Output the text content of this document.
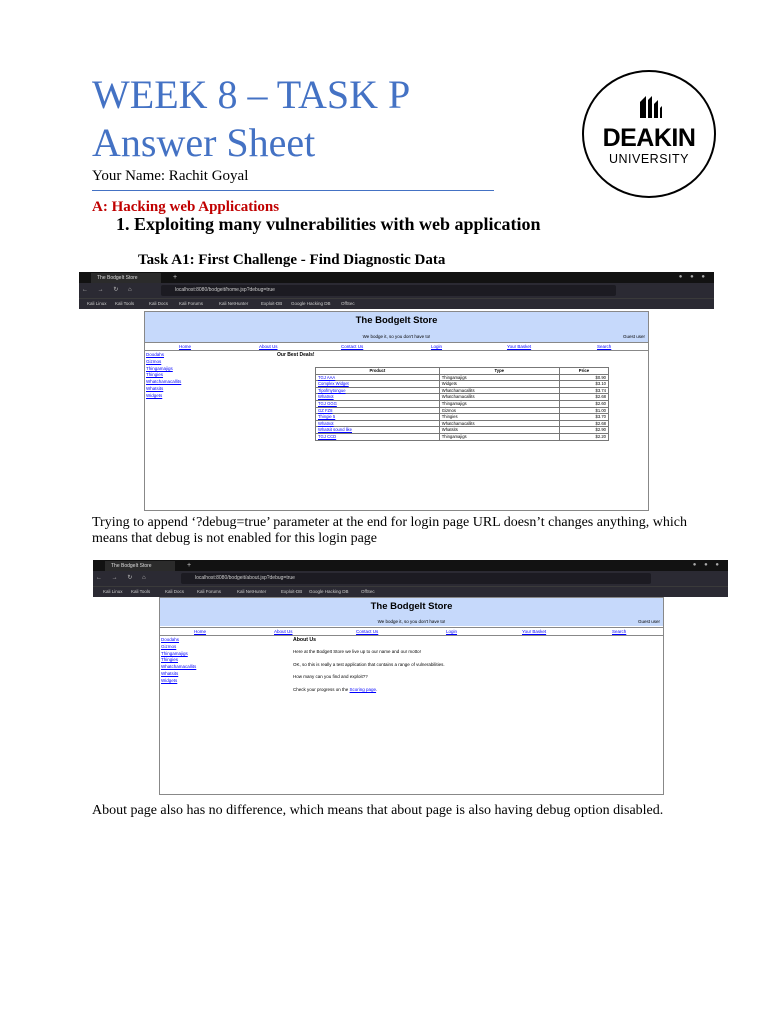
WEEK 8 – TASK P
Answer Sheet
Your Name: Rachit Goyal
DEAKIN
UNIVERSITY
A: Hacking web Applications
1. Exploiting many vulnerabilities with web application
Task A1: First Challenge - Find Diagnostic Data
The BodgeIt Store	+	● ● ●
← → ↻ ⌂	localhost:8080/bodgeit/home.jsp?debug=true
Kali Linux Kali Tools	Kali Docs Kali Forums	Kali NetHunter	Exploit-DB Google Hacking DB OffSec
The BodgeIt Store
We bodge it, so you don't have to!	Guest user
Home	About Us	Contact Us	Login	Your Basket	Search
Doodahs
Gizmos
Thingamajigs
Thingies
Whatchamacallits
Whatsits
Widgets
Our Best Deals!
Product	Type	Price
TGJ AAA	Thingamajigs	$0.90
Complex Widget	Widgets	$3.10
Tipofmytongue	Whatchamacallits	$3.74
Whatnot	Whatchamacallits	$2.68
TGJ GGG	Thingamajigs	$2.60
GZ FZ8	Gizmos	$1.00
Thingie 5	Thingies	$3.70
Whatnot	Whatchamacallits	$2.68
Whatsit sound like	Whatsits	$2.90
TGJ CCD	Thingamajigs	$2.20
Trying to append ‘?debug=true’ parameter at the end for login page URL doesn’t changes anything, which means that debug is not enabled for this login page
The BodgeIt Store	+	● ● ●
← → ↻ ⌂	localhost:8080/bodgeit/about.jsp?debug=true
Kali Linux Kali Tools	Kali Docs	Kali Forums	Kali NetHunter	Exploit-DB Google Hacking DB	OffSec
The BodgeIt Store
We bodge it, so you don't have to!	Guest user
Home	About Us	Contact Us	Login	Your Basket	Search
Doodahs
Gizmos
Thingamajigs
Thingies
Whatchamacallits
Whatsits
Widgets
About Us

Here at the BodgeIt Store we live up to our name and our motto!

OK, so this is really a test application that contains a range of vulnerabilities.

How many can you find and exploit??

Check your progress on the Scoring page.

About page also has no difference, which means that about page is also having debug option disabled.
